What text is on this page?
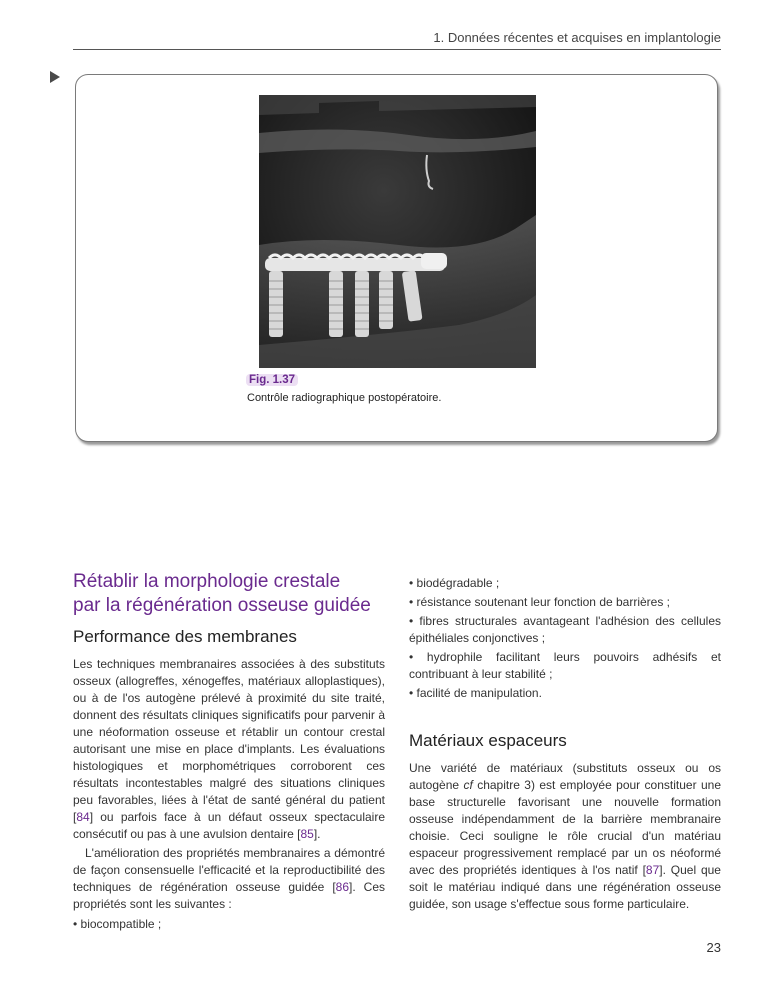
1. Données récentes et acquises en implantologie
Fig. 1.37
Contrôle radiographique postopératoire.
Rétablir la morphologie crestale
par la régénération osseuse guidée
Performance des membranes

Les techniques membranaires associées à des substituts osseux (allogreffes, xénogeffes, matériaux alloplastiques), ou à de l'os autogène prélevé à proximité du site traité, donnent des résultats cliniques significatifs pour parvenir à une néoformation osseuse et rétablir un contour crestal autorisant une mise en place d'implants. Les évaluations histologiques et morphométriques corroborent ces résultats incontestables malgré des situations cliniques peu favorables, liées à l'état de santé général du patient [84] ou parfois face à un défaut osseux spectaculaire consécutif ou pas à une avulsion dentaire [85].

L'amélioration des propriétés membranaires a démontré de façon consensuelle l'efficacité et la reproductibilité des techniques de régénération osseuse guidée [86]. Ces propriétés sont les suivantes :

• biocompatible ;
• biodégradable ;
• résistance soutenant leur fonction de barrières ;
• fibres structurales avantageant l'adhésion des cellules épithéliales conjonctives ;
• hydrophile facilitant leurs pouvoirs adhésifs et contribuant à leur stabilité ;
• facilité de manipulation.
Matériaux espaceurs

Une variété de matériaux (substituts osseux ou os autogène cf chapitre 3) est employée pour constituer une base structurelle favorisant une nouvelle formation osseuse indépendamment de la barrière membranaire choisie. Ceci souligne le rôle crucial d'un matériau espaceur progressivement remplacé par un os néoformé avec des propriétés identiques à l'os natif [87]. Quel que soit le matériau indiqué dans une régénération osseuse guidée, son usage s'effectue sous forme particulaire.

23
